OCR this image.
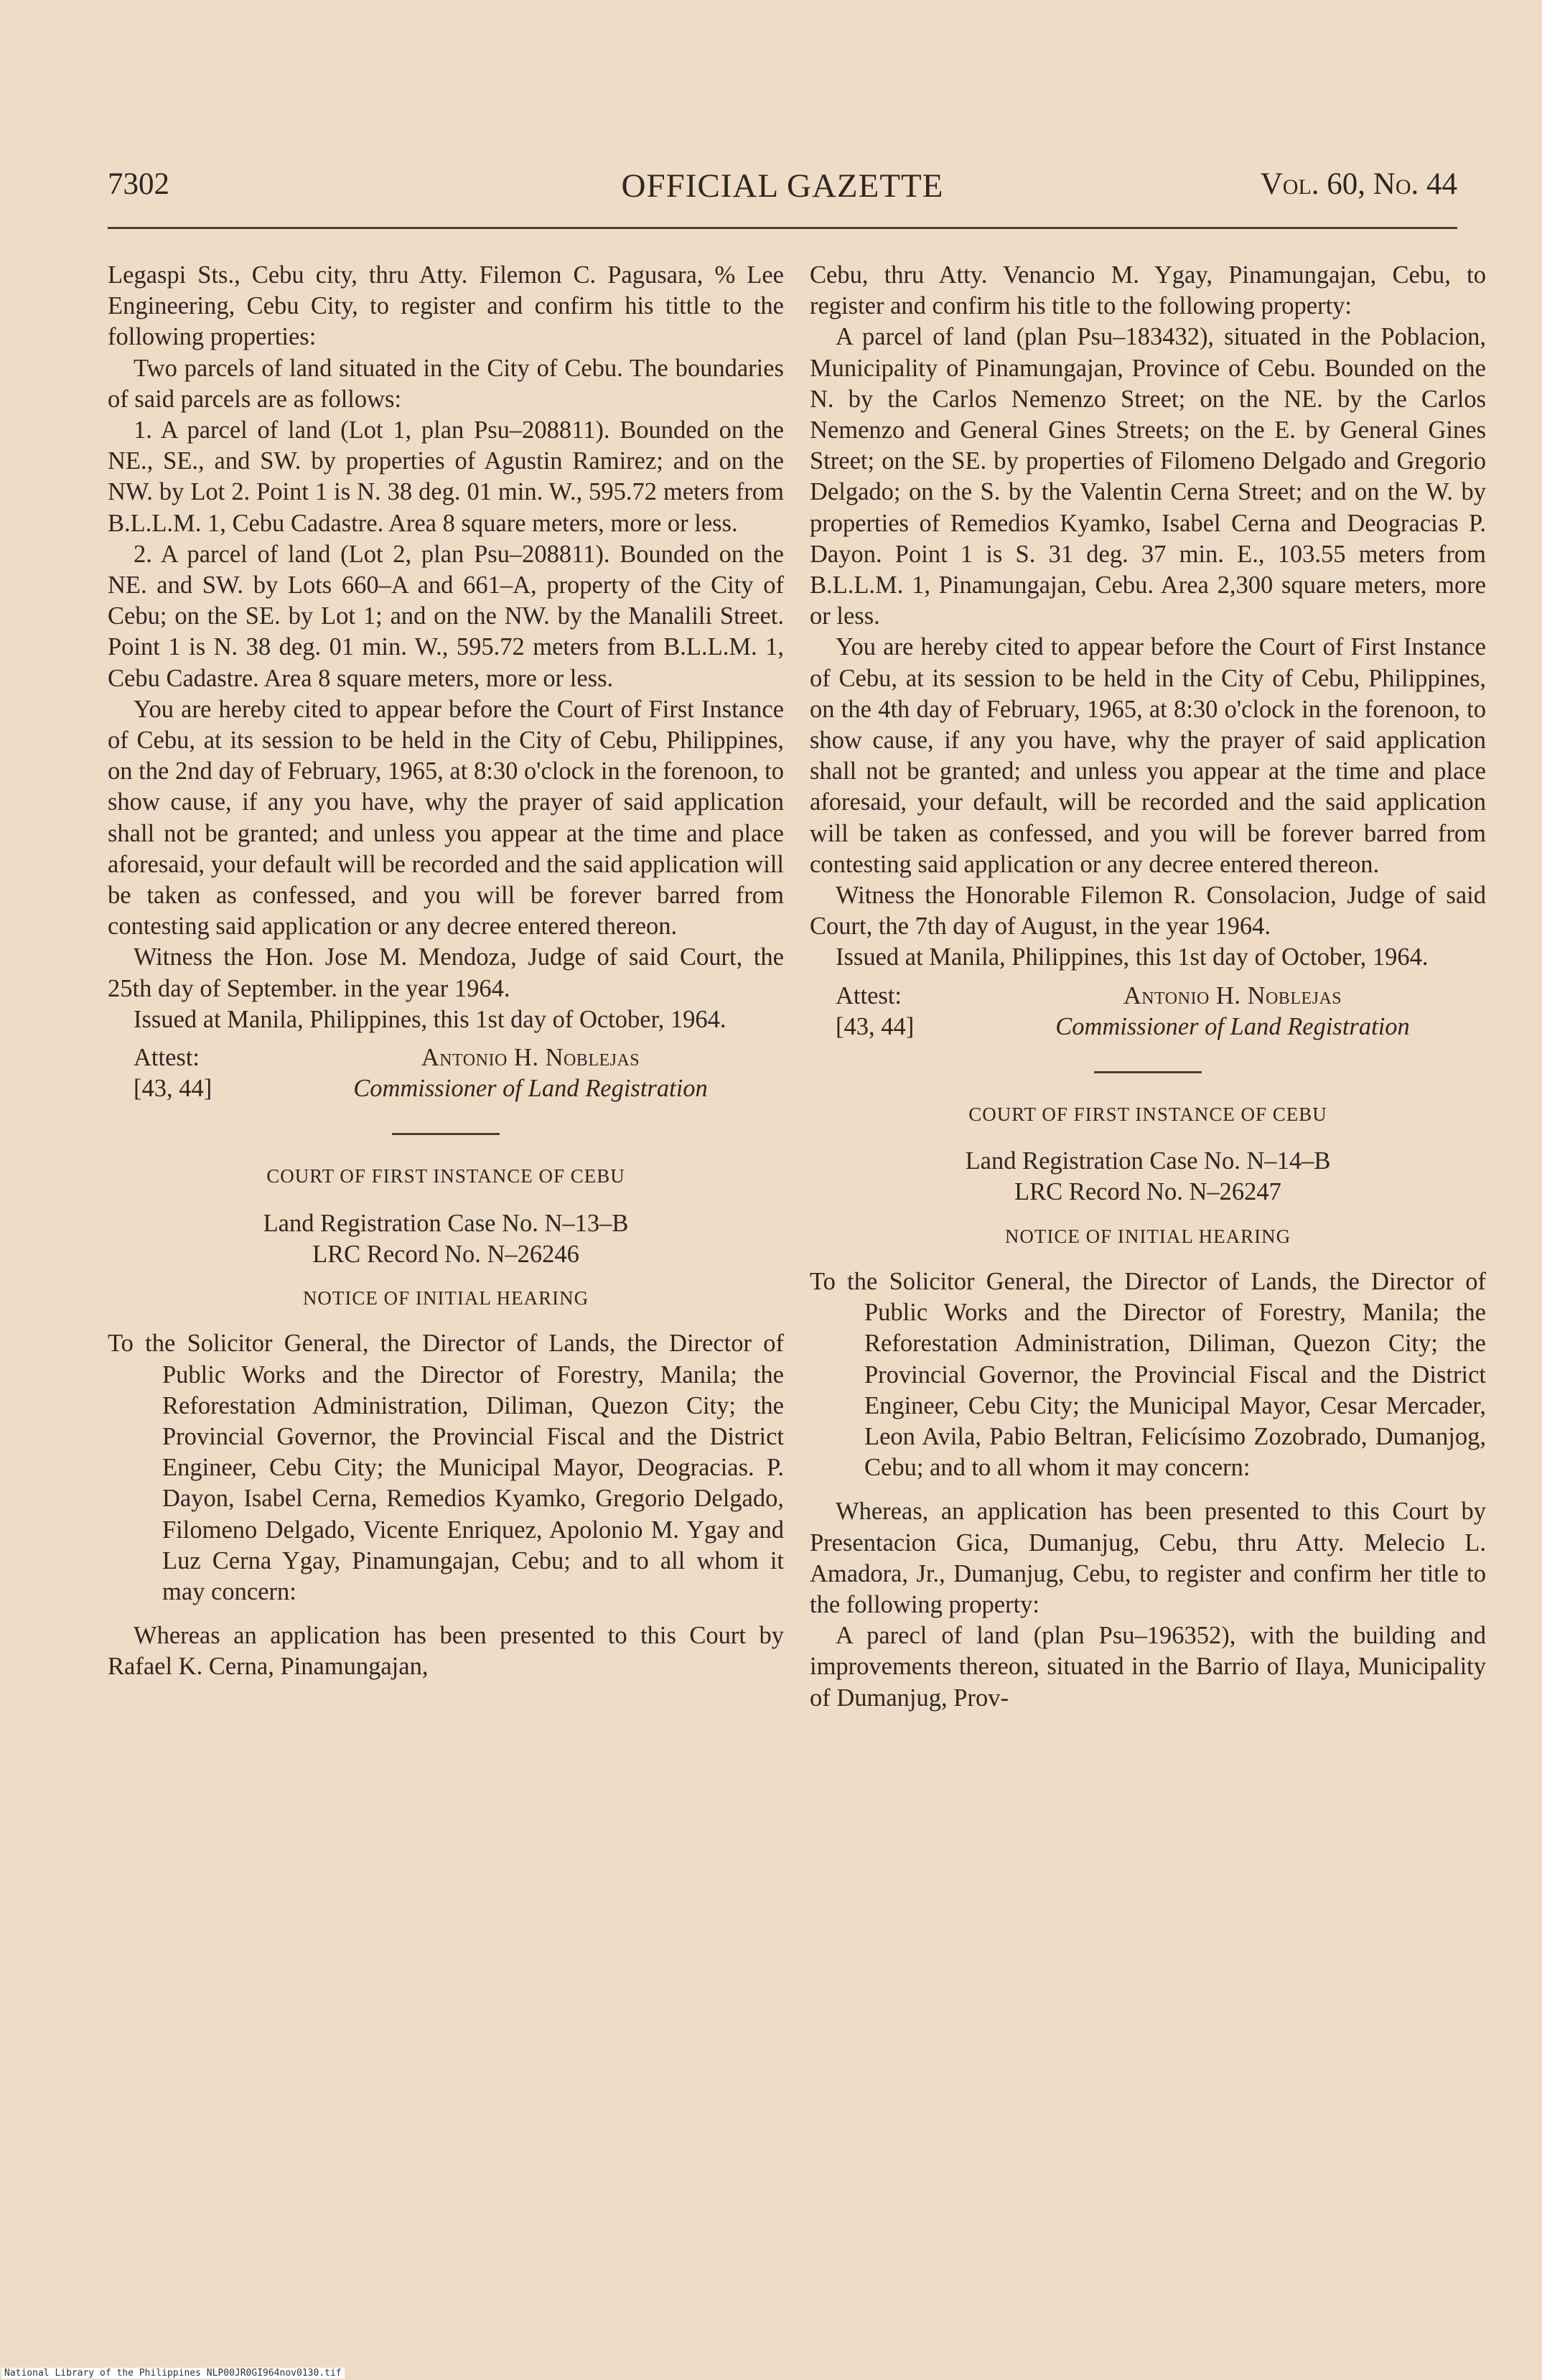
7302	OFFICIAL GAZETTE	Vol. 60, No. 44

Legaspi Sts., Cebu city, thru Atty. Filemon C. Pagusara, % Lee Engineering, Cebu City, to register and confirm his tittle to the following properties:

Two parcels of land situated in the City of Cebu. The boundaries of said parcels are as follows:

1. A parcel of land (Lot 1, plan Psu–208811). Bounded on the NE., SE., and SW. by properties of Agustin Ramirez; and on the NW. by Lot 2. Point 1 is N. 38 deg. 01 min. W., 595.72 meters from B.L.L.M. 1, Cebu Cadastre. Area 8 square meters, more or less.

2. A parcel of land (Lot 2, plan Psu–208811). Bounded on the NE. and SW. by Lots 660–A and 661–A, property of the City of Cebu; on the SE. by Lot 1; and on the NW. by the Manalili Street. Point 1 is N. 38 deg. 01 min. W., 595.72 meters from B.L.L.M. 1, Cebu Cadastre. Area 8 square meters, more or less.

You are hereby cited to appear before the Court of First Instance of Cebu, at its session to be held in the City of Cebu, Philippines, on the 2nd day of February, 1965, at 8:30 o'clock in the forenoon, to show cause, if any you have, why the prayer of said application shall not be granted; and unless you appear at the time and place aforesaid, your default will be recorded and the said application will be taken as confessed, and you will be forever barred from contesting said application or any decree entered thereon.

Witness the Hon. Jose M. Mendoza, Judge of said Court, the 25th day of September. in the year 1964.

Issued at Manila, Philippines, this 1st day of October, 1964.

Attest:
[43, 44]
Antonio H. Noblejas
Commissioner of Land Registration
COURT OF FIRST INSTANCE OF CEBU
Land Registration Case No. N–13–B
LRC Record No. N–26246
NOTICE OF INITIAL HEARING

To the Solicitor General, the Director of Lands, the Director of Public Works and the Director of Forestry, Manila; the Reforestation Administration, Diliman, Quezon City; the Provincial Governor, the Provincial Fiscal and the District Engineer, Cebu City; the Municipal Mayor, Deogracias. P. Dayon, Isabel Cerna, Remedios Kyamko, Gregorio Delgado, Filomeno Delgado, Vicente Enriquez, Apolonio M. Ygay and Luz Cerna Ygay, Pinamungajan, Cebu; and to all whom it may concern:

Whereas an application has been presented to this Court by Rafael K. Cerna, Pinamungajan,

Cebu, thru Atty. Venancio M. Ygay, Pinamungajan, Cebu, to register and confirm his title to the following property:

A parcel of land (plan Psu–183432), situated in the Poblacion, Municipality of Pinamungajan, Province of Cebu. Bounded on the N. by the Carlos Nemenzo Street; on the NE. by the Carlos Nemenzo and General Gines Streets; on the E. by General Gines Street; on the SE. by properties of Filomeno Delgado and Gregorio Delgado; on the S. by the Valentin Cerna Street; and on the W. by properties of Remedios Kyamko, Isabel Cerna and Deogracias P. Dayon. Point 1 is S. 31 deg. 37 min. E., 103.55 meters from B.L.L.M. 1, Pinamungajan, Cebu. Area 2,300 square meters, more or less.

You are hereby cited to appear before the Court of First Instance of Cebu, at its session to be held in the City of Cebu, Philippines, on the 4th day of February, 1965, at 8:30 o'clock in the forenoon, to show cause, if any you have, why the prayer of said application shall not be granted; and unless you appear at the time and place aforesaid, your default, will be recorded and the said application will be taken as confessed, and you will be forever barred from contesting said application or any decree entered thereon.

Witness the Honorable Filemon R. Consolacion, Judge of said Court, the 7th day of August, in the year 1964.

Issued at Manila, Philippines, this 1st day of October, 1964.

Attest:
[43, 44]
Antonio H. Noblejas
Commissioner of Land Registration
COURT OF FIRST INSTANCE OF CEBU
Land Registration Case No. N–14–B
LRC Record No. N–26247
NOTICE OF INITIAL HEARING

To the Solicitor General, the Director of Lands, the Director of Public Works and the Director of Forestry, Manila; the Reforestation Administration, Diliman, Quezon City; the Provincial Governor, the Provincial Fiscal and the District Engineer, Cebu City; the Municipal Mayor, Cesar Mercader, Leon Avila, Pabio Beltran, Felicísimo Zozobrado, Dumanjog, Cebu; and to all whom it may concern:

Whereas, an application has been presented to this Court by Presentacion Gica, Dumanjug, Cebu, thru Atty. Melecio L. Amadora, Jr., Dumanjug, Cebu, to register and confirm her title to the following property:

A parecl of land (plan Psu–196352), with the building and improvements thereon, situated in the Barrio of Ilaya, Municipality of Dumanjug, Prov-

National Library of the Philippines NLP00JR0GI964nov0130.tif
